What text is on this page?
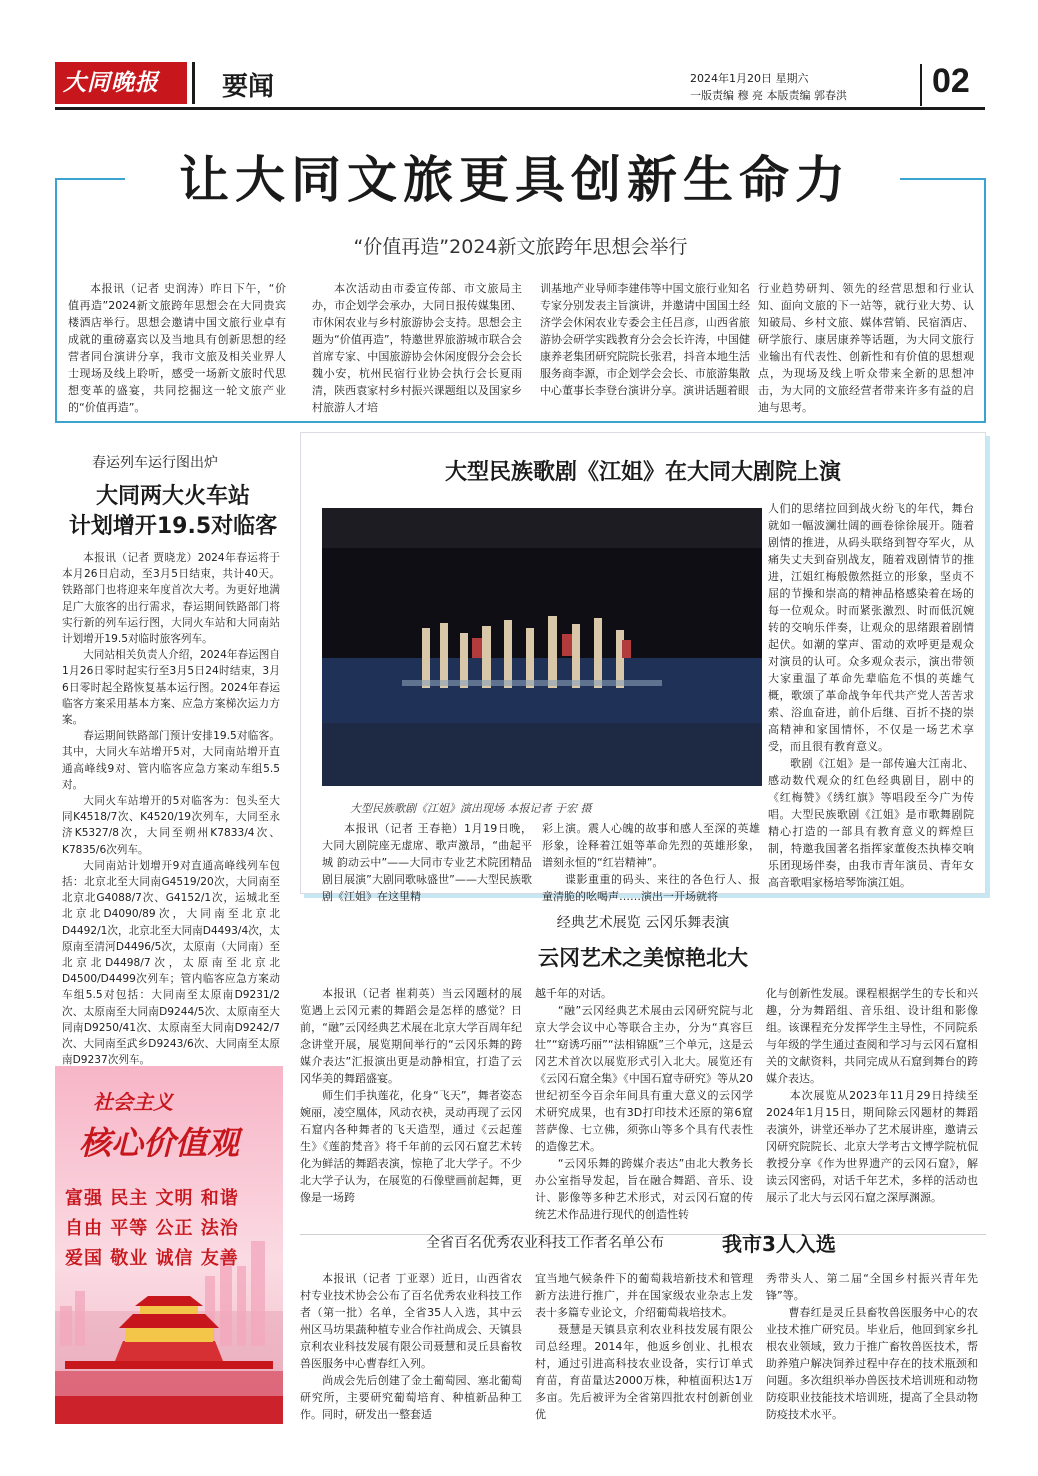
大同晚报	要闻	2024年1月20日 星期六
一版责编 穆 亮 本版责编 郭春洪	02
让大同文旅更具创新生命力
“价值再造”2024新文旅跨年思想会举行

本报讯（记者 史润涛）昨日下午，“价值再造”2024新文旅跨年思想会在大同贵宾楼酒店举行。思想会邀请中国文旅行业卓有成就的重磅嘉宾以及当地具有创新思想的经营者同台演讲分享，我市文旅及相关业界人士现场及线上聆听，感受一场新文旅时代思想变革的盛宴，共同挖掘这一轮文旅产业的“价值再造”。

本次活动由市委宣传部、市文旅局主办，市企划学会承办，大同日报传媒集团、市休闲农业与乡村旅游协会支持。思想会主题为“价值再造”，特邀世界旅游城市联合会首席专家、中国旅游协会休闲度假分会会长魏小安，杭州民宿行业协会执行会长夏雨清，陕西袁家村乡村振兴课题组以及国家乡村旅游人才培

训基地产业导师李建伟等中国文旅行业知名专家分别发表主旨演讲，并邀请中国国土经济学会休闲农业专委会主任吕彦，山西省旅游协会研学实践教育分会会长许涛，中国健康养老集团研究院院长张君，抖音本地生活服务商李源，市企划学会会长、市旅游集散中心董事长李登台演讲分享。演讲话题着眼

行业趋势研判、领先的经营思想和行业认知、面向文旅的下一站等，就行业大势、认知破局、乡村文旅、媒体营销、民宿酒店、研学旅行、康居康养等话题，为大同文旅行业输出有代表性、创新性和有价值的思想观点，为现场及线上听众带来全新的思想冲击，为大同的文旅经营者带来许多有益的启迪与思考。

春运列车运行图出炉
大同两大火车站
计划增开19.5对临客

本报讯（记者 贾晓龙）2024年春运将于本月26日启动，至3月5日结束，共计40天。铁路部门也将迎来年度首次大考。为更好地满足广大旅客的出行需求，春运期间铁路部门将实行新的列车运行图，大同火车站和大同南站计划增开19.5对临时旅客列车。

大同站相关负责人介绍，2024年春运图自1月26日零时起实行至3月5日24时结束，3月6日零时起全路恢复基本运行图。2024年春运临客方案采用基本方案、应急方案梯次运力方案。

春运期间铁路部门预计安排19.5对临客。其中，大同火车站增开5对，大同南站增开直通高峰线9对、管内临客应急方案动车组5.5对。

大同火车站增开的5对临客为：包头至大同K4518/7次、K4520/19次列车，大同至永济K5327/8次，大同至朔州K7833/4次、K7835/6次列车。

大同南站计划增开9对直通高峰线列车包括：北京北至大同南G4519/20次，大同南至北京北G4088/7次、G4152/1次，运城北至北京北D4090/89次，大同南至北京北D4492/1次，北京北至大同南D4493/4次，太原南至清河D4496/5次，太原南（大同南）至北京北D4498/7次，太原南至北京北D4500/D4499次列车；管内临客应急方案动车组5.5对包括：大同南至太原南D9231/2次、太原南至大同南D9244/5次、太原南至大同南D9250/41次、太原南至大同南D9242/7次、大同南至武乡D9243/6次、大同南至太原南D9237次列车。

社会主义
核心价值观
富强 民主 文明 和谐
自由 平等 公正 法治
爱国 敬业 诚信 友善
大型民族歌剧《江姐》在大同大剧院上演
大型民族歌剧《江姐》演出现场 本报记者 于宏 摄

本报讯（记者 王春艳）1月19日晚，大同大剧院座无虚席、歌声激昂，“曲起平城 韵动云中”——大同市专业艺术院团精品剧目展演”大剧同歌咏盛世”——大型民族歌剧《江姐》在这里精

彩上演。震人心魄的故事和感人至深的英雄形象，诠释着江姐等革命先烈的英雄形象，谱刻永恒的“红岩精神”。
　　谍影重重的码头、来往的各色行人、报童清脆的吆喝声……演出一开场就将

人们的思绪拉回到战火纷飞的年代，舞台就如一幅波澜壮阔的画卷徐徐展开。随着剧情的推进，从码头联络到智夺军火，从痛失丈夫到奋别战友，随着戏剧情节的推进，江姐红梅般傲然挺立的形象，坚贞不屈的节操和崇高的精神品格感染着在场的每一位观众。时而紧张激烈、时而低沉婉转的交响乐伴奏，让观众的思绪跟着剧情起伏。如潮的掌声、雷动的欢呼更是观众对演员的认可。众多观众表示，演出带领大家重温了革命先辈临危不惧的英雄气概，歌颂了革命战争年代共产党人苦苦求索、浴血奋进，前仆后继、百折不挠的崇高精神和家国情怀，不仅是一场艺术享受，而且很有教育意义。

歌剧《江姐》是一部传遍大江南北、感动数代观众的红色经典剧目，剧中的《红梅赞》《绣红旗》等唱段至今广为传唱。大型民族歌剧《江姐》是市歌舞剧院精心打造的一部具有教育意义的辉煌巨制，特邀我国著名指挥家董俊杰执棒交响乐团现场伴奏，由我市青年演员、青年女高音歌唱家杨培琴饰演江姐。

经典艺术展览 云冈乐舞表演
云冈艺术之美惊艳北大

本报讯（记者 崔莉英）当云冈题材的展览遇上云冈元素的舞蹈会是怎样的感觉？日前，“融”云冈经典艺术展在北京大学百周年纪念讲堂开展，展览期间举行的“云冈乐舞的跨媒介表达”汇报演出更是动静相宜，打造了云冈华美的舞蹈盛宴。
　　师生们手执莲花，化身“飞天”，舞者姿态婉丽，凌空凰体，风动衣袂，灵动再现了云冈石窟内各种舞者的飞天造型，通过《云起莲生》《莲韵梵音》将千年前的云冈石窟艺术转化为鲜活的舞蹈表演，惊艳了北大学子。不少北大学子认为，在展览的石像壁画前起舞，更像是一场跨

越千年的对话。
　　“融”云冈经典艺术展由云冈研究院与北京大学会议中心等联合主办，分为“真容巨壮”“窈诱巧丽”“法相锦瓯”三个单元，这是云冈艺术首次以展览形式引入北大。展览还有《云冈石窟全集》《中国石窟寺研究》等从20世纪初至今百余年间具有重大意义的云冈学术研究成果，也有3D打印技术还原的第6窟菩萨像、七立佛，须弥山等多个具有代表性的造像艺术。
　　“云冈乐舞的跨媒介表达”由北大教务长办公室指导发起，旨在融合舞蹈、音乐、设计、影像等多种艺术形式，对云冈石窟的传统艺术作品进行现代的创造性转

化与创新性发展。课程根据学生的专长和兴趣，分为舞蹈组、音乐组、设计组和影像组。该课程充分发挥学生主导性，不同院系与年级的学生通过查阅和学习与云冈石窟相关的文献资料，共同完成从石窟到舞台的跨媒介表达。
　　本次展览从2023年11月29日持续至2024年1月15日，期间除云冈题材的舞蹈表演外，讲堂还举办了艺术展讲座，邀请云冈研究院院长、北京大学考古文博学院杭侃教授分享《作为世界遗产的云冈石窟》，解读云冈密码，对话千年艺术，多样的活动也展示了北大与云冈石窟之深厚渊源。

全省百名优秀农业科技工作者名单公布	我市3人入选

本报讯（记者 丁亚翠）近日，山西省农村专业技术协会公布了百名优秀农业科技工作者（第一批）名单，全省35人入选，其中云州区马坊果蔬种植专业合作社尚成会、天镇县京利农业科技发展有限公司聂慧和灵丘县畜牧兽医服务中心曹春红入列。
　　尚成会先后创建了金土葡萄园、塞北葡萄研究所，主要研究葡萄培育、种植新品种工作。同时，研发出一整套适

宜当地气候条件下的葡萄栽培新技术和管理新方法进行推广，并在国家级农业杂志上发表十多篇专业论文，介绍葡萄栽培技术。
　　聂慧是天镇县京利农业科技发展有限公司总经理。2014年，他返乡创业、扎根农村，通过引进高科技农业设备，实行订单式育苗，育苗量达2000万株，种植面积达1万多亩。先后被评为全省第四批农村创新创业优

秀带头人、第二届“全国乡村振兴青年先锋”等。
　　曹春红是灵丘县畜牧兽医服务中心的农业技术推广研究员。毕业后，他回到家乡扎根农业领域，致力于推广畜牧兽医技术，帮助养殖户解决饲养过程中存在的技术瓶颈和问题。多次组织举办兽医技术培训班和动物防疫职业技能技术培训班，提高了全县动物防疫技术水平。
